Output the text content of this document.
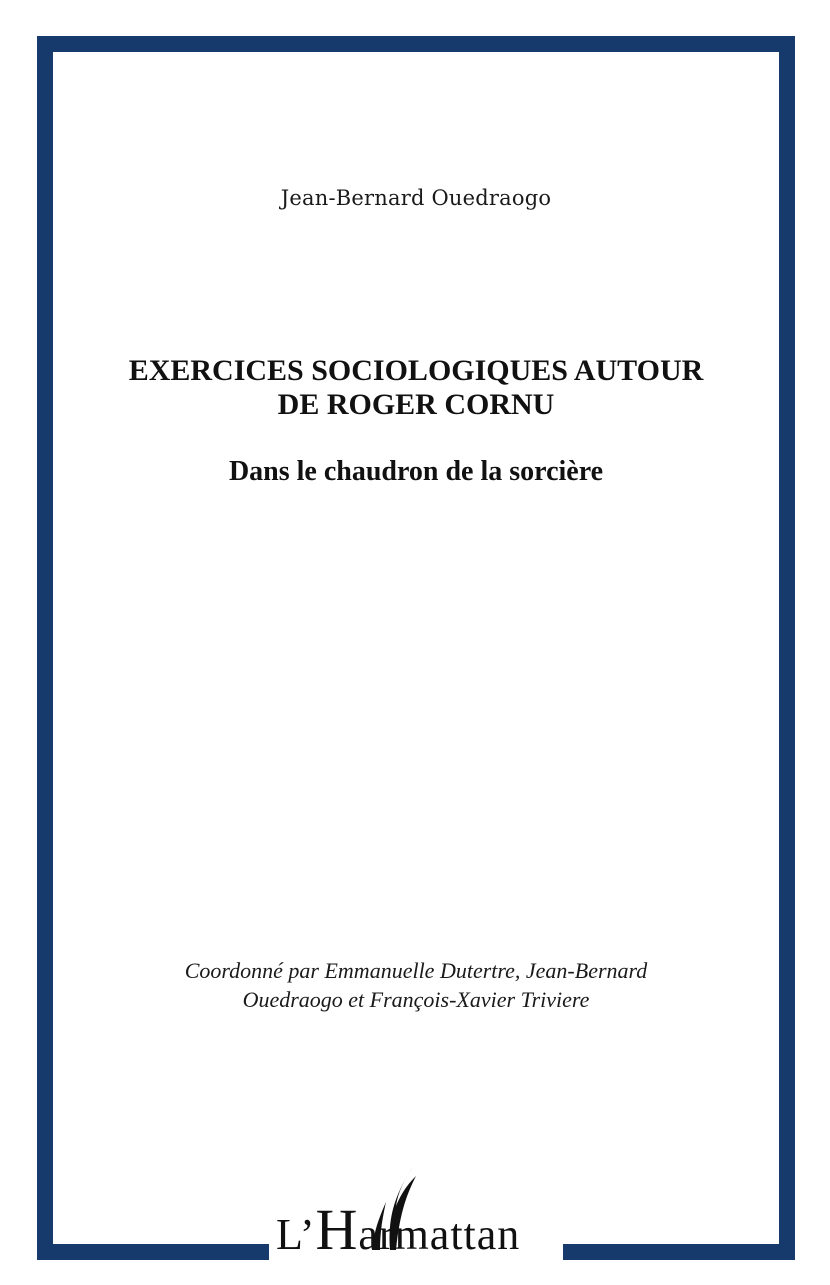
Jean-Bernard Ouedraogo
EXERCICES SOCIOLOGIQUES AUTOUR
DE ROGER CORNU
Dans le chaudron de la sorcière
Coordonné par Emmanuelle Dutertre, Jean-Bernard
Ouedraogo et François-Xavier Triviere
L’Harmattan
